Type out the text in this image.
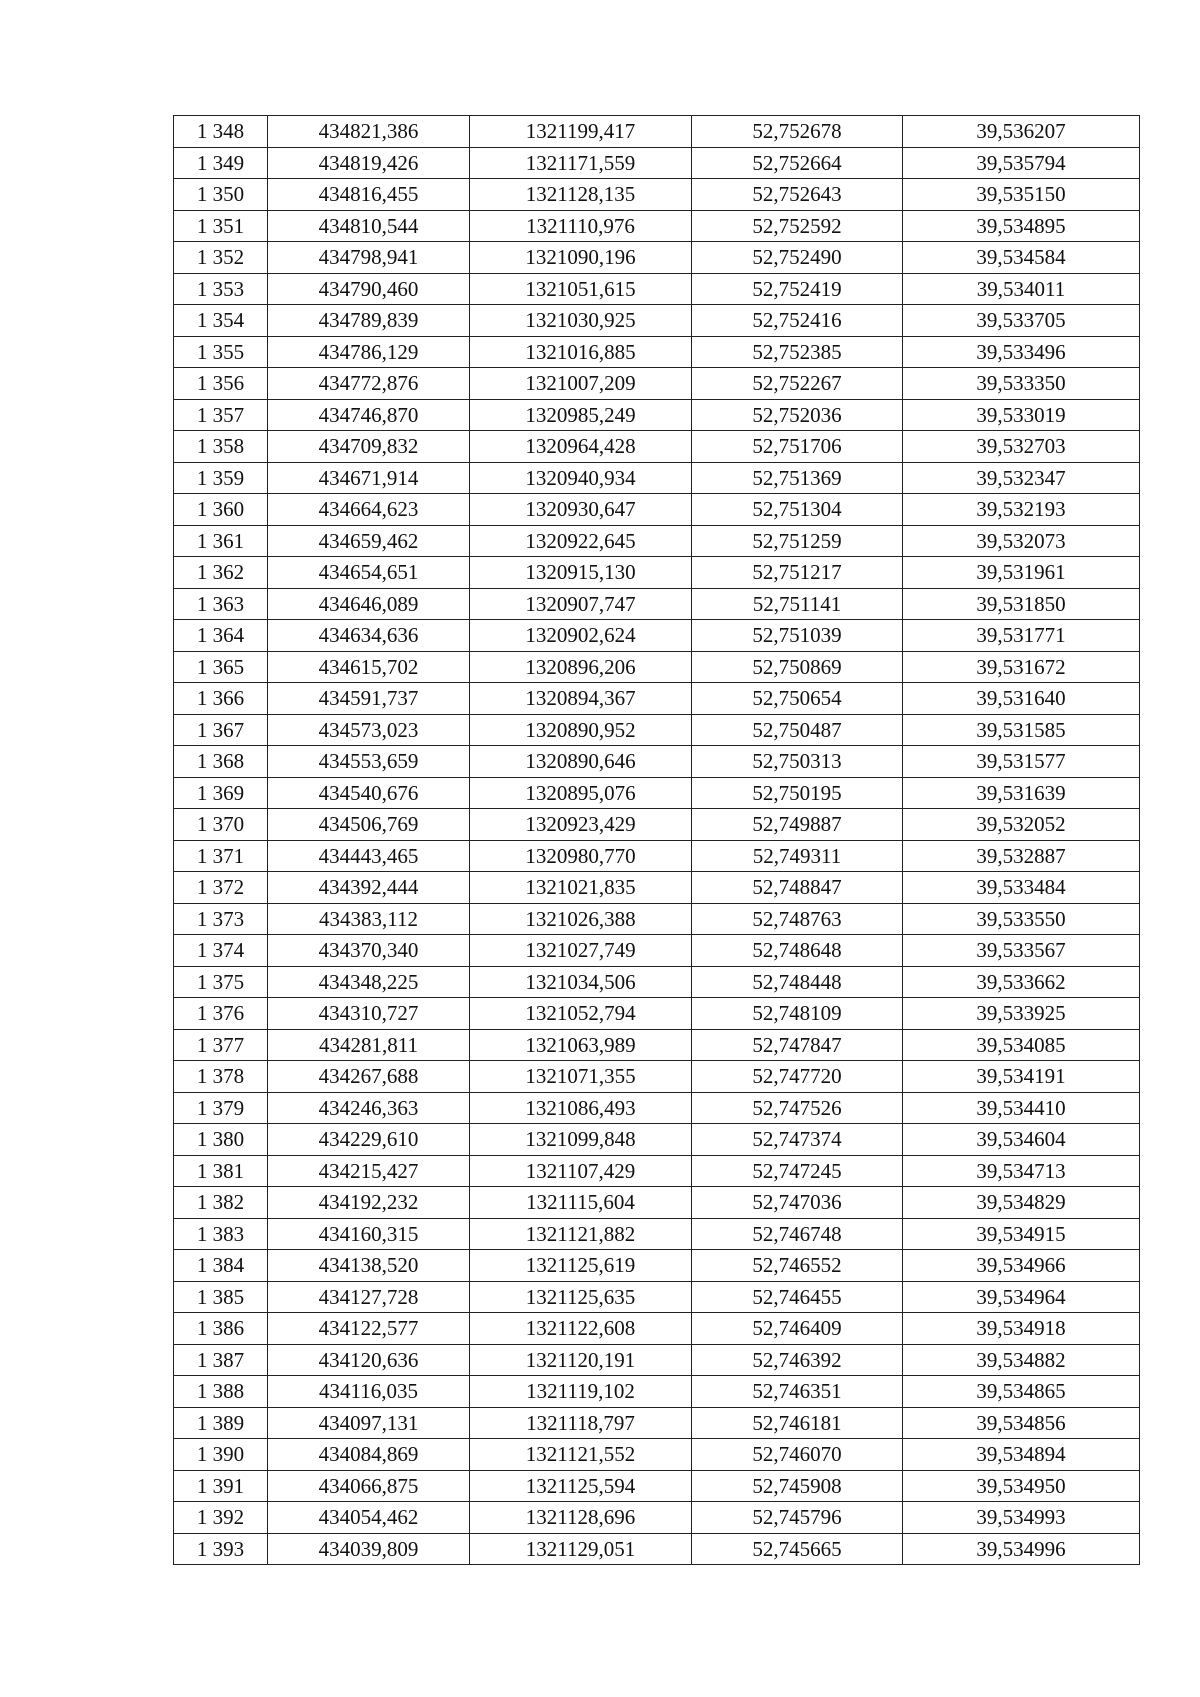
1 348	434821,386	1321199,417	52,752678	39,536207
1 349	434819,426	1321171,559	52,752664	39,535794
1 350	434816,455	1321128,135	52,752643	39,535150
1 351	434810,544	1321110,976	52,752592	39,534895
1 352	434798,941	1321090,196	52,752490	39,534584
1 353	434790,460	1321051,615	52,752419	39,534011
1 354	434789,839	1321030,925	52,752416	39,533705
1 355	434786,129	1321016,885	52,752385	39,533496
1 356	434772,876	1321007,209	52,752267	39,533350
1 357	434746,870	1320985,249	52,752036	39,533019
1 358	434709,832	1320964,428	52,751706	39,532703
1 359	434671,914	1320940,934	52,751369	39,532347
1 360	434664,623	1320930,647	52,751304	39,532193
1 361	434659,462	1320922,645	52,751259	39,532073
1 362	434654,651	1320915,130	52,751217	39,531961
1 363	434646,089	1320907,747	52,751141	39,531850
1 364	434634,636	1320902,624	52,751039	39,531771
1 365	434615,702	1320896,206	52,750869	39,531672
1 366	434591,737	1320894,367	52,750654	39,531640
1 367	434573,023	1320890,952	52,750487	39,531585
1 368	434553,659	1320890,646	52,750313	39,531577
1 369	434540,676	1320895,076	52,750195	39,531639
1 370	434506,769	1320923,429	52,749887	39,532052
1 371	434443,465	1320980,770	52,749311	39,532887
1 372	434392,444	1321021,835	52,748847	39,533484
1 373	434383,112	1321026,388	52,748763	39,533550
1 374	434370,340	1321027,749	52,748648	39,533567
1 375	434348,225	1321034,506	52,748448	39,533662
1 376	434310,727	1321052,794	52,748109	39,533925
1 377	434281,811	1321063,989	52,747847	39,534085
1 378	434267,688	1321071,355	52,747720	39,534191
1 379	434246,363	1321086,493	52,747526	39,534410
1 380	434229,610	1321099,848	52,747374	39,534604
1 381	434215,427	1321107,429	52,747245	39,534713
1 382	434192,232	1321115,604	52,747036	39,534829
1 383	434160,315	1321121,882	52,746748	39,534915
1 384	434138,520	1321125,619	52,746552	39,534966
1 385	434127,728	1321125,635	52,746455	39,534964
1 386	434122,577	1321122,608	52,746409	39,534918
1 387	434120,636	1321120,191	52,746392	39,534882
1 388	434116,035	1321119,102	52,746351	39,534865
1 389	434097,131	1321118,797	52,746181	39,534856
1 390	434084,869	1321121,552	52,746070	39,534894
1 391	434066,875	1321125,594	52,745908	39,534950
1 392	434054,462	1321128,696	52,745796	39,534993
1 393	434039,809	1321129,051	52,745665	39,534996
